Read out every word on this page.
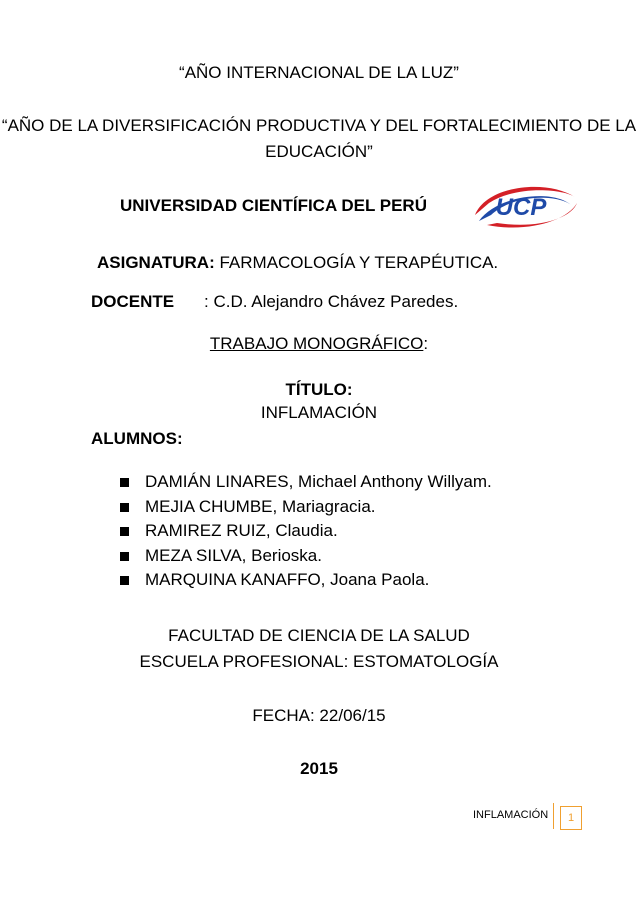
“AÑO INTERNACIONAL DE LA LUZ”
“AÑO DE LA DIVERSIFICACIÓN PRODUCTIVA Y DEL FORTALECIMIENTO DE LA EDUCACIÓN”
UNIVERSIDAD CIENTÍFICA DEL PERÚ	UCP
ASIGNATURA: FARMACOLOGÍA Y TERAPÉUTICA.
DOCENTE : C.D. Alejandro Chávez Paredes.
TRABAJO MONOGRÁFICO:
TÍTULO:
INFLAMACIÓN
ALUMNOS:
DAMIÁN LINARES, Michael Anthony Willyam.
MEJIA CHUMBE, Mariagracia.
RAMIREZ RUIZ, Claudia.
MEZA SILVA, Berioska.
MARQUINA KANAFFO, Joana Paola.
FACULTAD DE CIENCIA DE LA SALUD
ESCUELA PROFESIONAL: ESTOMATOLOGÍA
FECHA: 22/06/15
2015
INFLAMACIÓN	1
